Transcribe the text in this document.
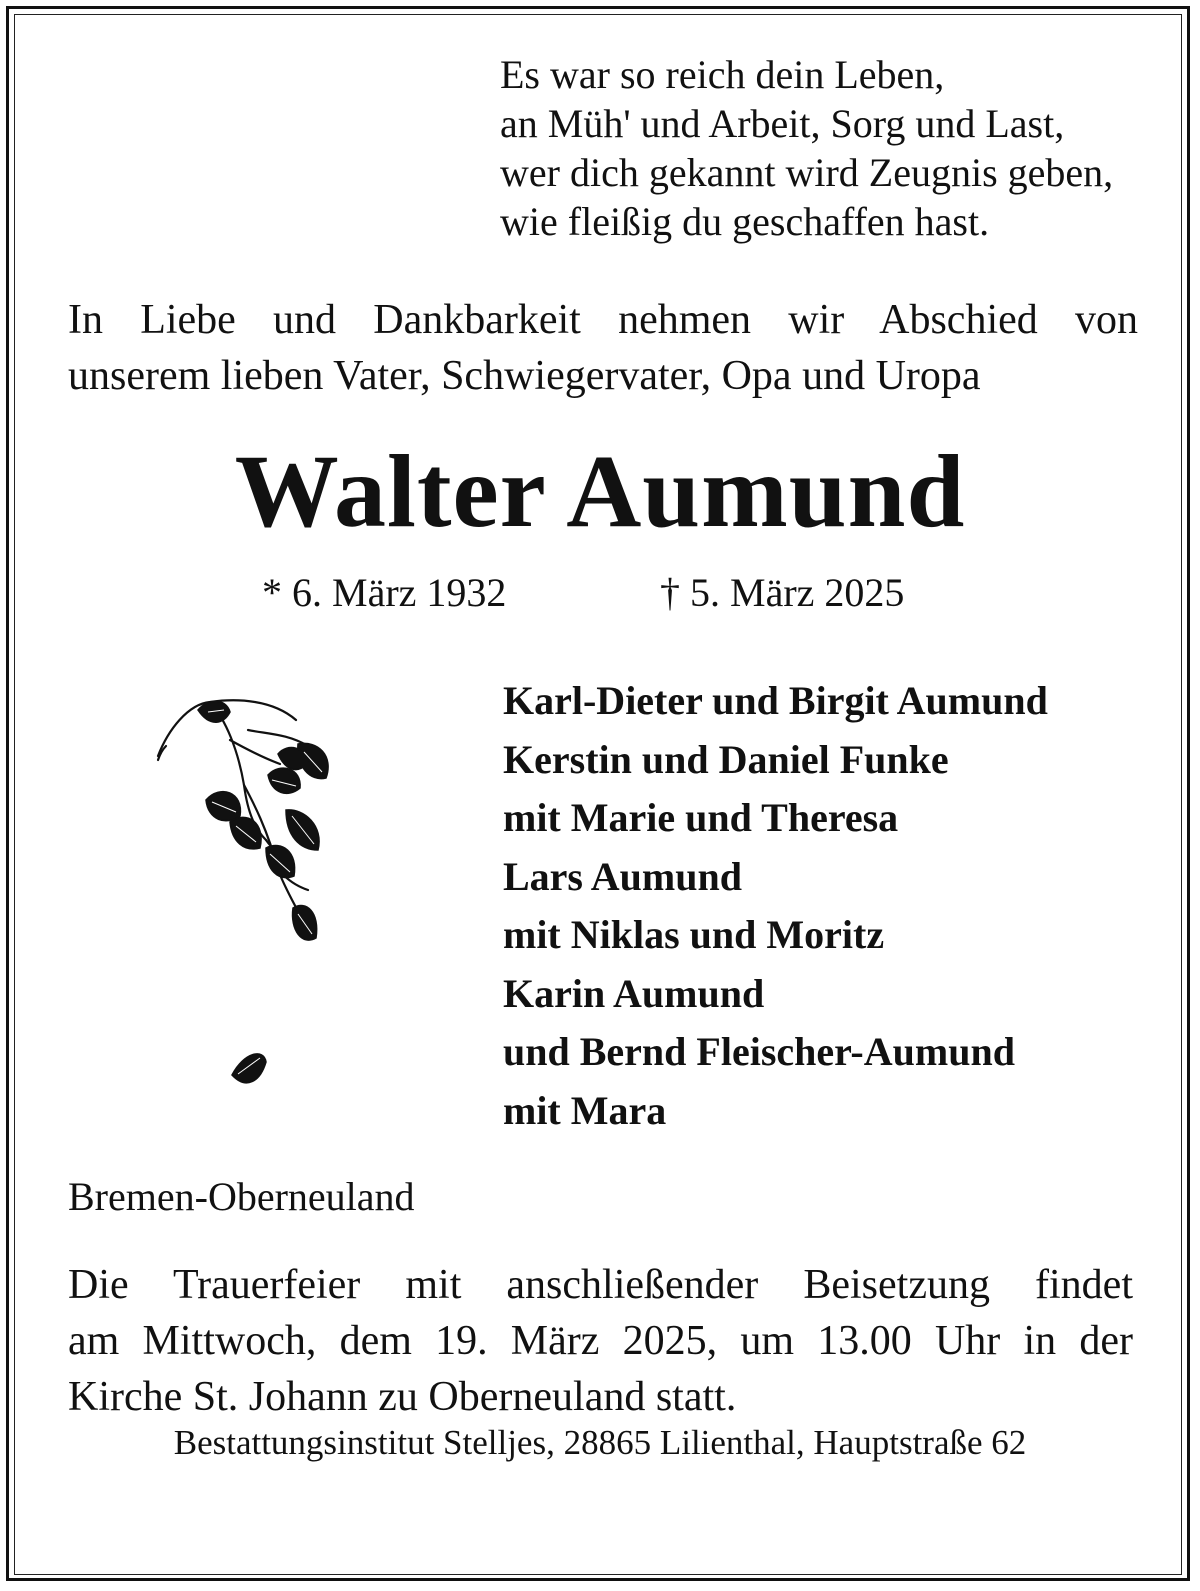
Es war so reich dein Leben,
an Müh' und Arbeit, Sorg und Last,
wer dich gekannt wird Zeugnis geben,
wie fleißig du geschaffen hast.
In Liebe und Dankbarkeit nehmen wir Abschied von
unserem lieben Vater, Schwiegervater, Opa und Uropa
Walter Aumund
* 6. März 1932	† 5. März 2025
Karl-Dieter und Birgit Aumund
Kerstin und Daniel Funke
mit Marie und Theresa
Lars Aumund
mit Niklas und Moritz
Karin Aumund
und Bernd Fleischer-Aumund
mit Mara
Bremen-Oberneuland
Die Trauerfeier mit anschließender Beisetzung findet
am Mittwoch, dem 19. März 2025, um 13.00 Uhr in der
Kirche St. Johann zu Oberneuland statt.
Bestattungsinstitut Stelljes, 28865 Lilienthal, Hauptstraße 62
